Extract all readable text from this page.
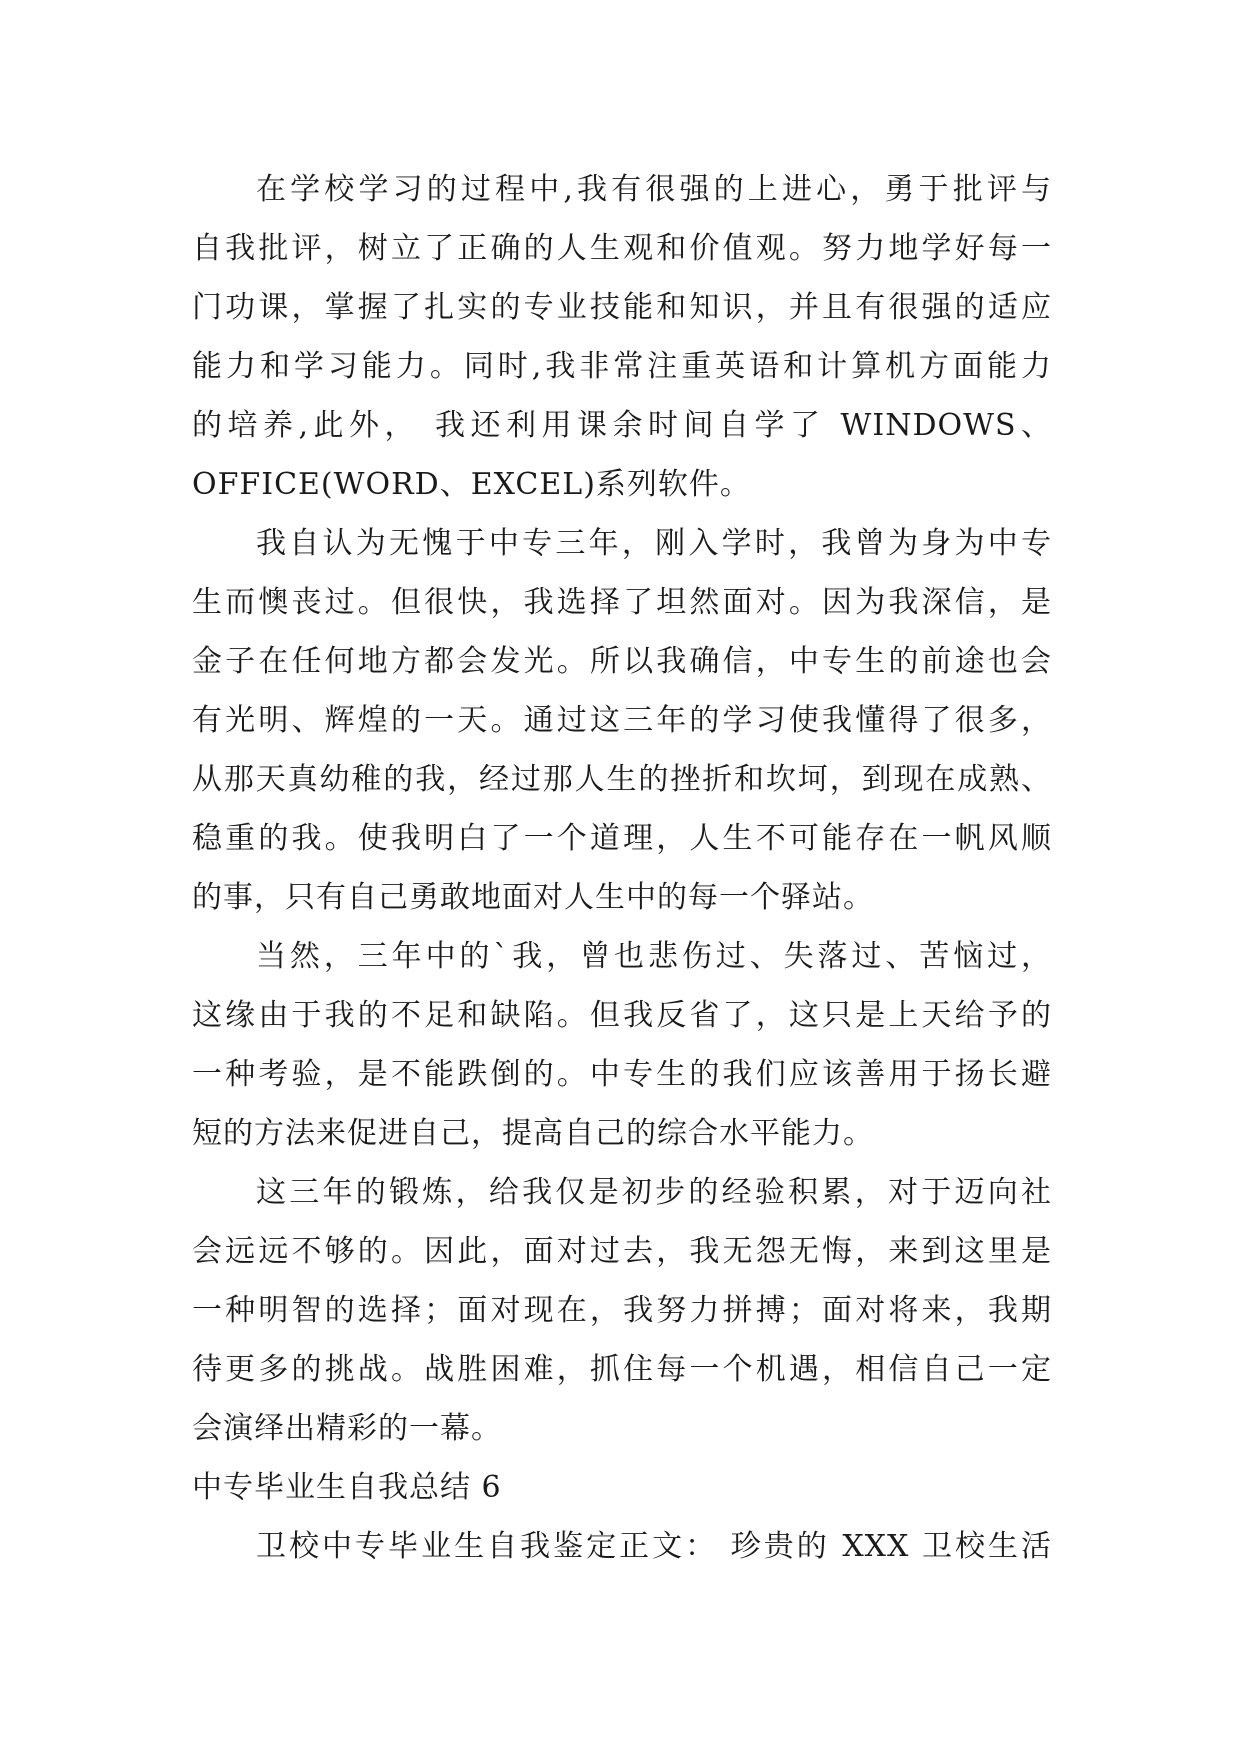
在学校学习的过程中,我有很强的上进心，勇于批评与
自我批评，树立了正确的人生观和价值观。努力地学好每一
门功课，掌握了扎实的专业技能和知识，并且有很强的适应
能力和学习能力。同时,我非常注重英语和计算机方面能力
的培养,此外， 我还利用课余时间自学了 WINDOWS、
OFFICE(WORD、EXCEL)系列软件。
我自认为无愧于中专三年，刚入学时，我曾为身为中专
生而懊丧过。但很快，我选择了坦然面对。因为我深信，是
金子在任何地方都会发光。所以我确信，中专生的前途也会
有光明、辉煌的一天。通过这三年的学习使我懂得了很多，
从那天真幼稚的我，经过那人生的挫折和坎坷，到现在成熟、
稳重的我。使我明白了一个道理，人生不可能存在一帆风顺
的事，只有自己勇敢地面对人生中的每一个驿站。
当然，三年中的`我，曾也悲伤过、失落过、苦恼过，
这缘由于我的不足和缺陷。但我反省了，这只是上天给予的
一种考验，是不能跌倒的。中专生的我们应该善用于扬长避
短的方法来促进自己，提高自己的综合水平能力。
这三年的锻炼，给我仅是初步的经验积累，对于迈向社
会远远不够的。因此，面对过去，我无怨无悔，来到这里是
一种明智的选择；面对现在，我努力拼搏；面对将来，我期
待更多的挑战。战胜困难，抓住每一个机遇，相信自己一定
会演绎出精彩的一幕。
中专毕业生自我总结 6
卫校中专毕业生自我鉴定正文： 珍贵的 XXX 卫校生活
